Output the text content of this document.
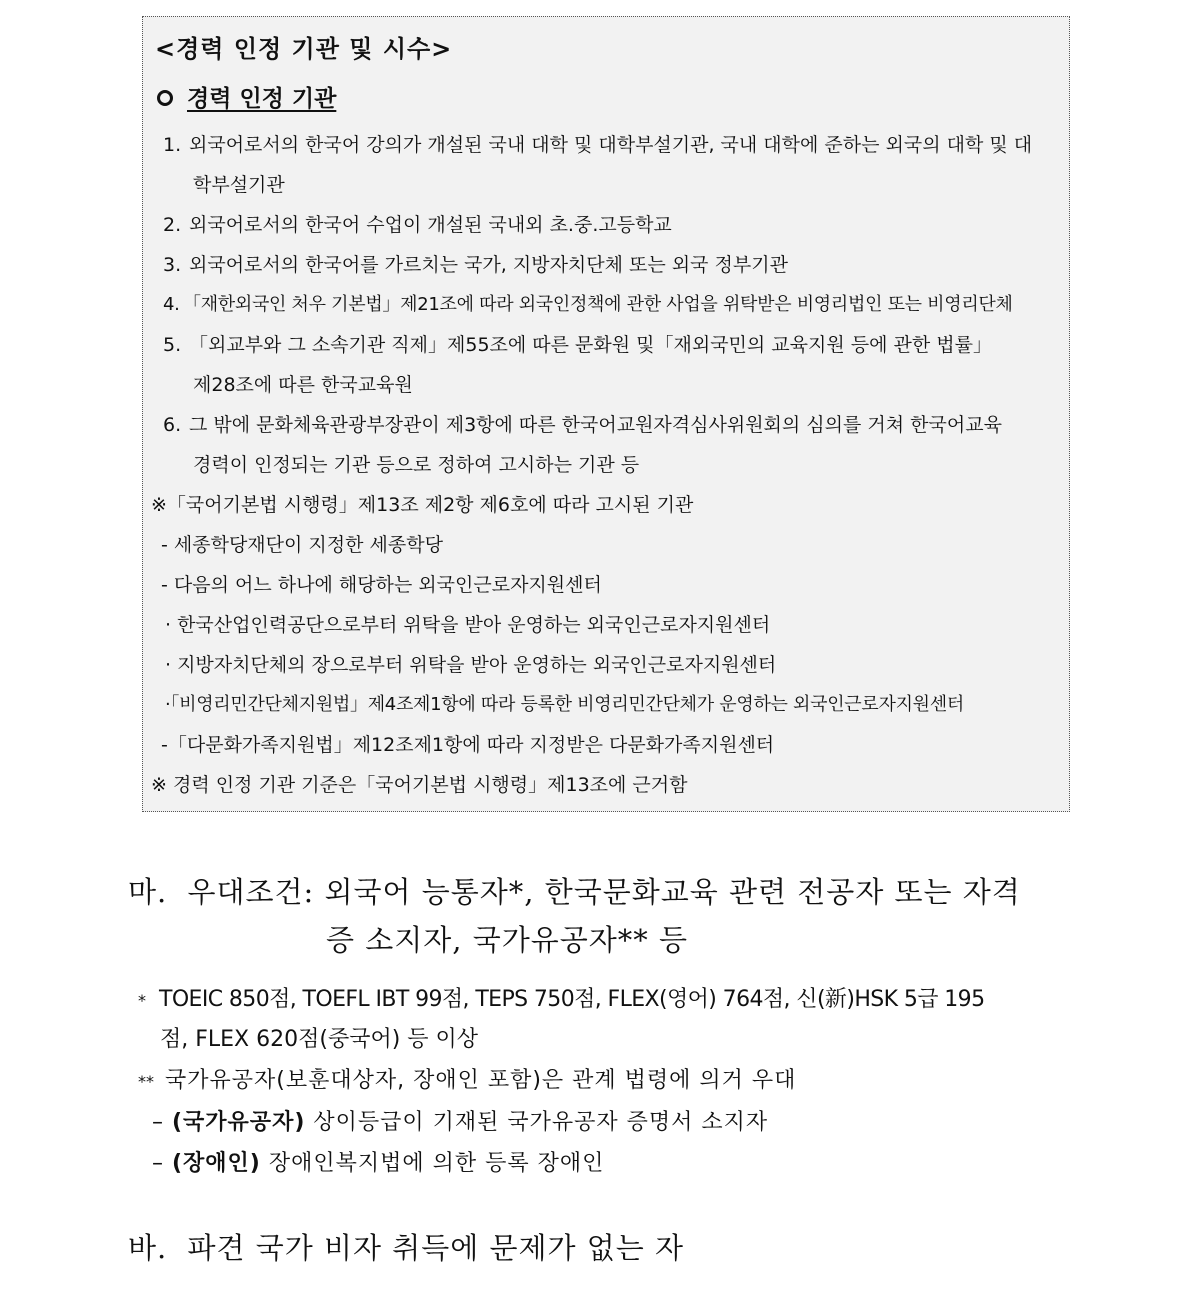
<경력 인정 기관 및 시수>
경력 인정 기관
1. 외국어로서의 한국어 강의가 개설된 국내 대학 및 대학부설기관, 국내 대학에 준하는 외국의 대학 및 대
학부설기관
2. 외국어로서의 한국어 수업이 개설된 국내외 초.중.고등학교
3. 외국어로서의 한국어를 가르치는 국가, 지방자치단체 또는 외국 정부기관
4. 「재한외국인 처우 기본법」제21조에 따라 외국인정책에 관한 사업을 위탁받은 비영리법인 또는 비영리단체
5. 「외교부와 그 소속기관 직제」제55조에 따른 문화원 및「재외국민의 교육지원 등에 관한 법률」
제28조에 따른 한국교육원
6. 그 밖에 문화체육관광부장관이 제3항에 따른 한국어교원자격심사위원회의 심의를 거쳐 한국어교육
경력이 인정되는 기관 등으로 정하여 고시하는 기관 등
※「국어기본법 시행령」제13조 제2항 제6호에 따라 고시된 기관
- 세종학당재단이 지정한 세종학당
- 다음의 어느 하나에 해당하는 외국인근로자지원센터
· 한국산업인력공단으로부터 위탁을 받아 운영하는 외국인근로자지원센터
· 지방자치단체의 장으로부터 위탁을 받아 운영하는 외국인근로자지원센터
·「비영리민간단체지원법」제4조제1항에 따라 등록한 비영리민간단체가 운영하는 외국인근로자지원센터
-「다문화가족지원법」제12조제1항에 따라 지정받은 다문화가족지원센터
※ 경력 인정 기관 기준은「국어기본법 시행령」제13조에 근거함
마. 우대조건: 외국어 능통자*, 한국문화교육 관련 전공자 또는 자격
증 소지자, 국가유공자** 등
* TOEIC 850점, TOEFL IBT 99점, TEPS 750점, FLEX(영어) 764점, 신(新)HSK 5급 195
점, FLEX 620점(중국어) 등 이상
** 국가유공자(보훈대상자, 장애인 포함)은 관계 법령에 의거 우대
– (국가유공자) 상이등급이 기재된 국가유공자 증명서 소지자
– (장애인) 장애인복지법에 의한 등록 장애인
바. 파견 국가 비자 취득에 문제가 없는 자
